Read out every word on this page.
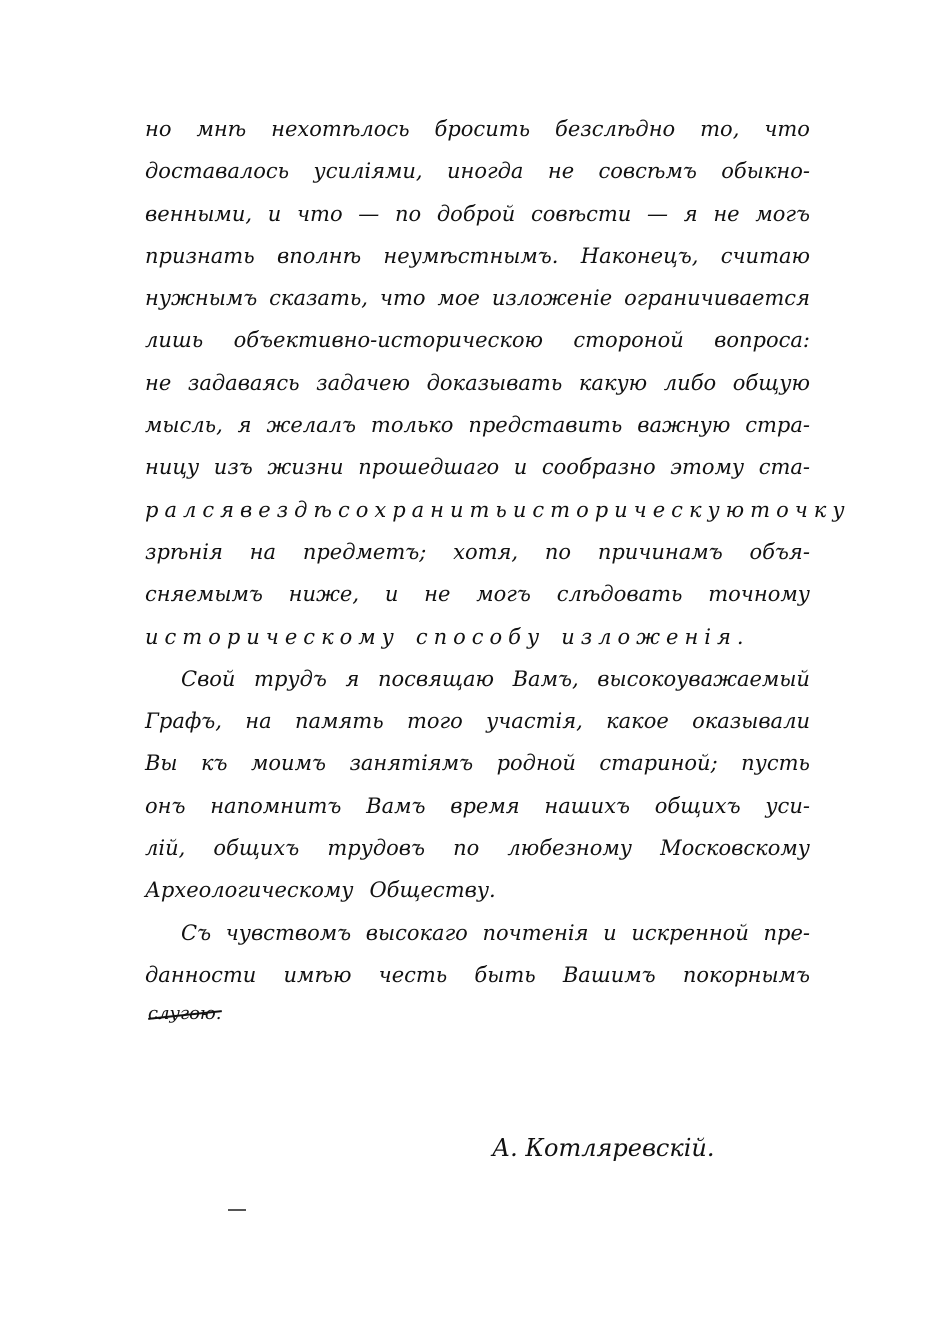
но мнѣ нехотѣлось бросить безслѣдно то, что
доставалось усиліями, иногда не совсѣмъ обыкно-
венными, и что — по доброй совѣсти — я не могъ
признать вполнѣ неумѣстнымъ. Наконецъ, считаю
нужнымъ сказать, что мое изложеніе ограничивается
лишь объективно-историческою стороной вопроса:
не задаваясь задачею доказывать какую либо общую
мысль, я желалъ только представить важную стра-
ницу изъ жизни прошедшаго и сообразно этому ста-
рался вездѣ сохранить историческую точку
зрѣнія на предметъ; хотя, по причинамъ объя-
сняемымъ ниже, и не могъ слѣдовать точному
историческому способу изложенія.
Свой трудъ я посвящаю Вамъ, высокоуважаемый
Графъ, на память того участія, какое оказывали
Вы къ моимъ занятіямъ родной стариной; пусть
онъ напомнитъ Вамъ время нашихъ общихъ уси-
лій, общихъ трудовъ по любезному Московскому
Археологическому Обществу.
Съ чувствомъ высокаго почтенія и искренной пре-
данности имѣю честь быть Вашимъ покорнымъ
слугою.
А. Котляревскій.
